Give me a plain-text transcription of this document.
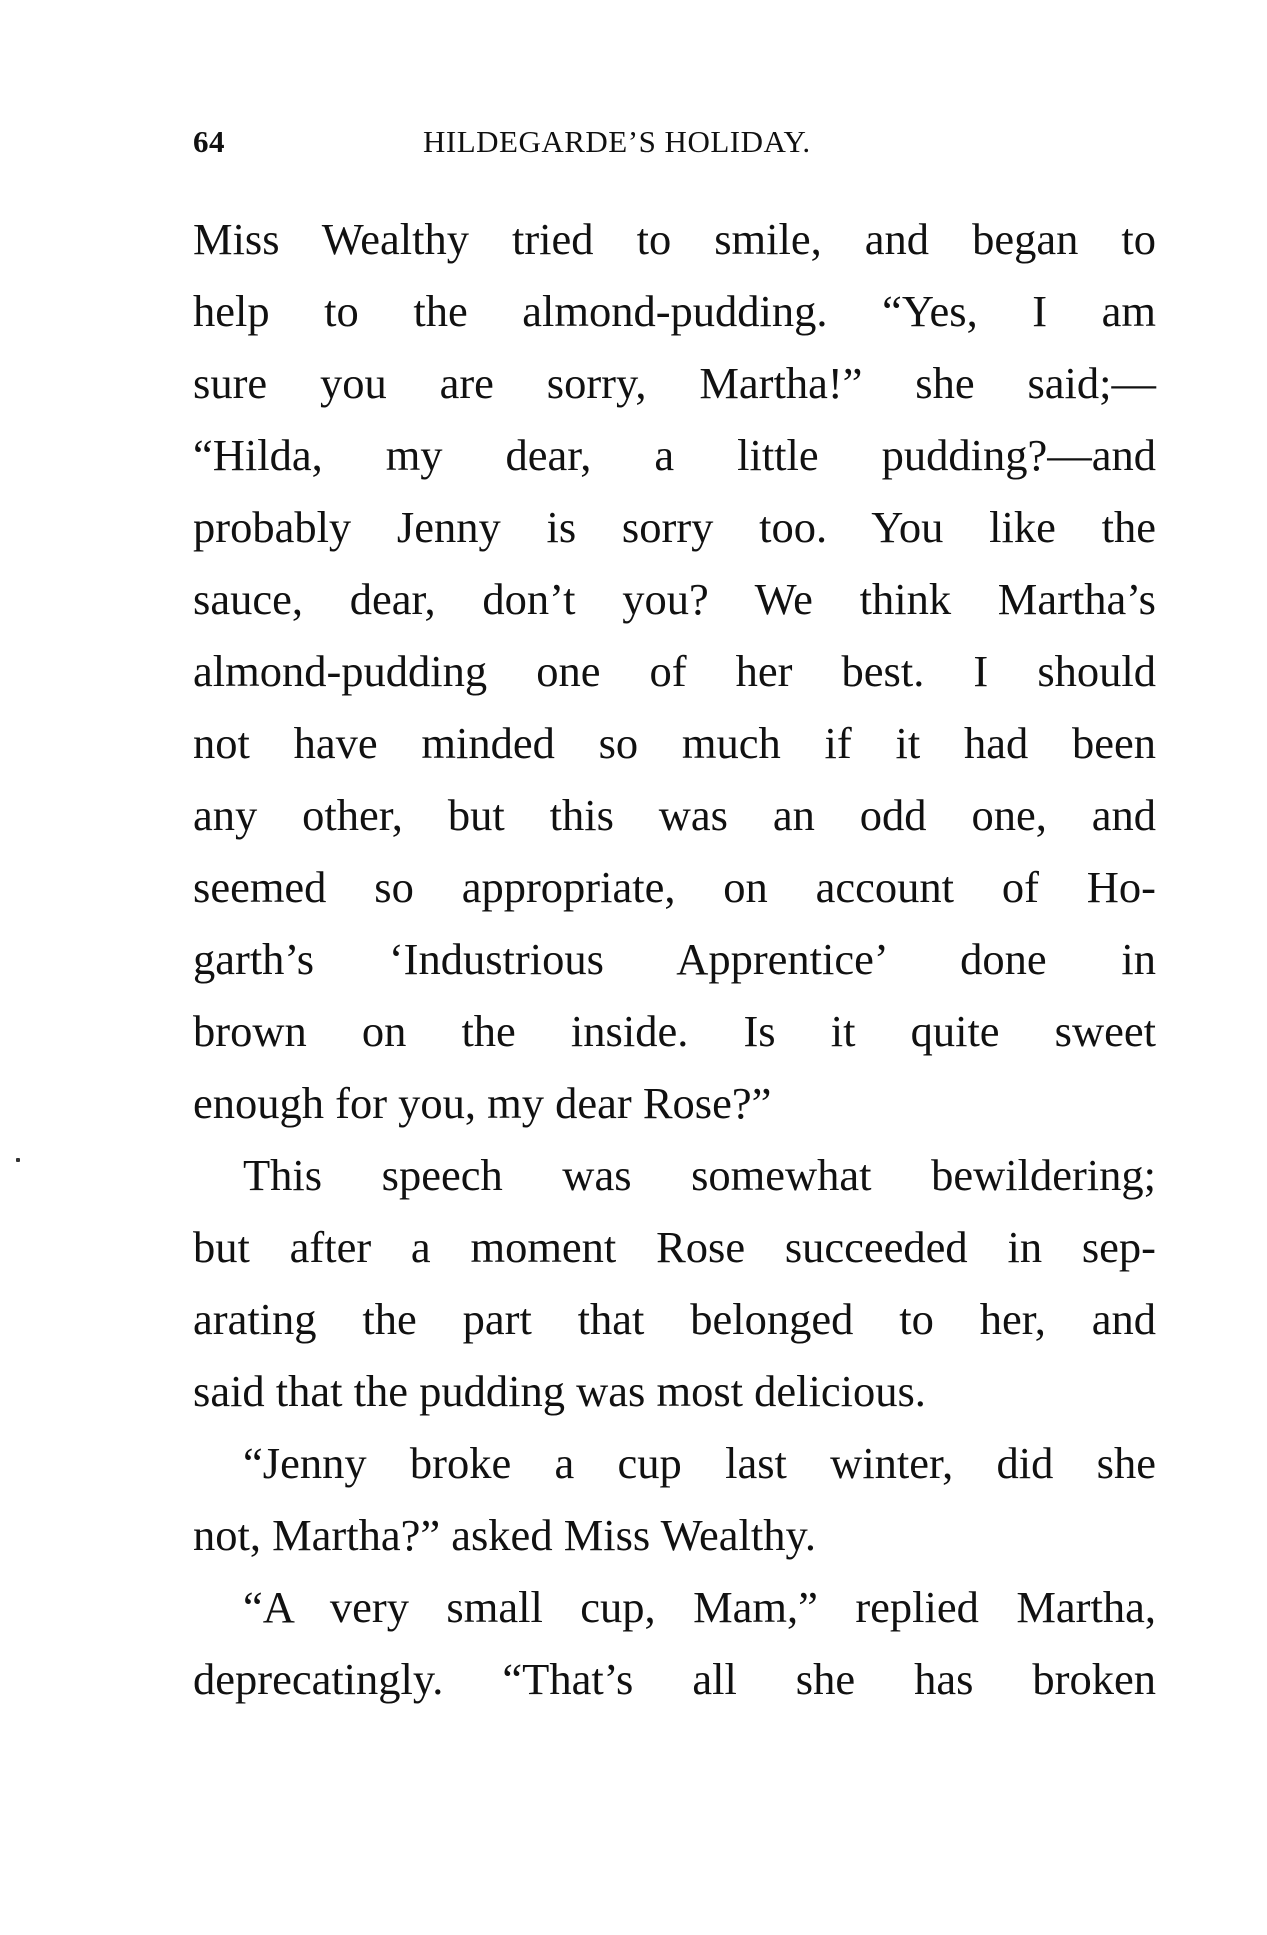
64	HILDEGARDE’S HOLIDAY.
Miss Wealthy tried to smile, and began to
help to the almond-pudding. “Yes, I am
sure you are sorry, Martha!” she said;—
“Hilda, my dear, a little pudding?—and
probably Jenny is sorry too. You like the
sauce, dear, don’t you? We think Martha’s
almond-pudding one of her best. I should
not have minded so much if it had been
any other, but this was an odd one, and
seemed so appropriate, on account of Ho-
garth’s ‘Industrious Apprentice’ done in
brown on the inside. Is it quite sweet
enough for you, my dear Rose?”
This speech was somewhat bewildering;
but after a moment Rose succeeded in sep-
arating the part that belonged to her, and
said that the pudding was most delicious.
“Jenny broke a cup last winter, did she
not, Martha?” asked Miss Wealthy.
“A very small cup, Mam,” replied Martha,
deprecatingly. “That’s all she has broken
